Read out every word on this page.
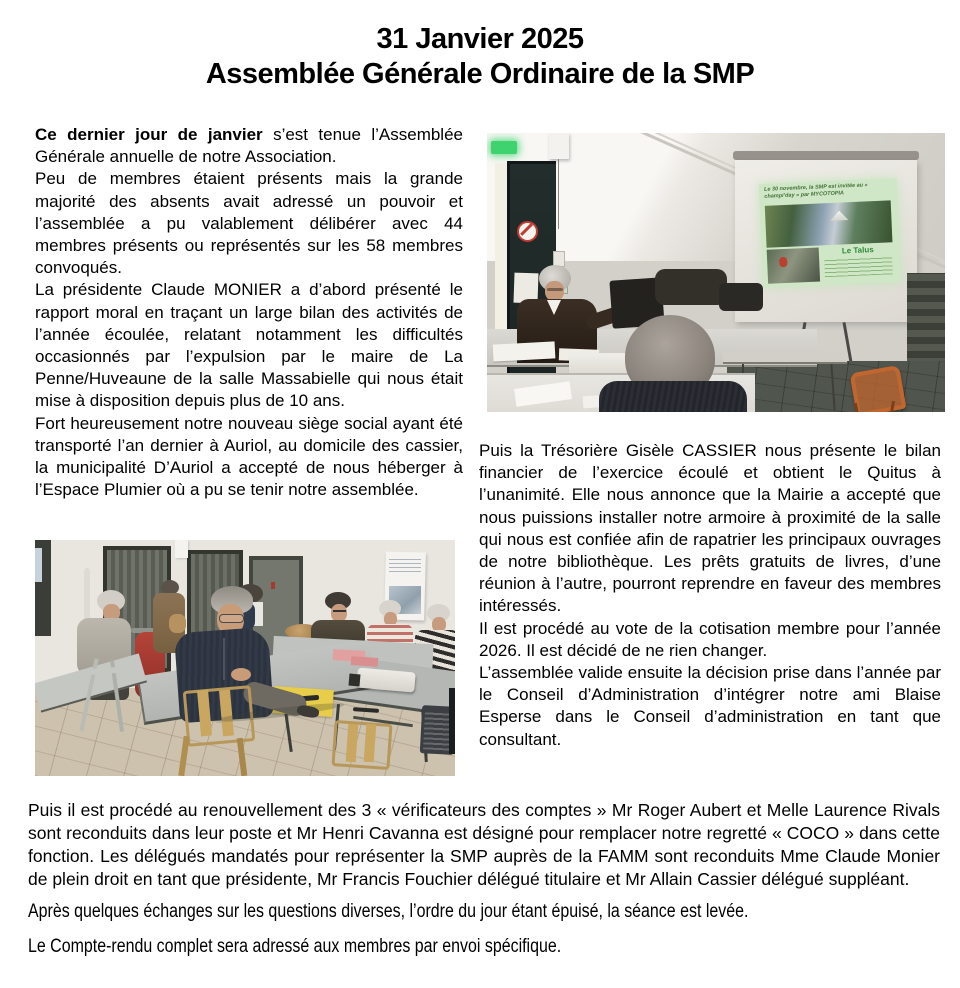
31 Janvier 2025
Assemblée Générale Ordinaire de la SMP

Ce dernier jour de janvier s’est tenue l’Assemblée Générale annuelle de notre Association.

Peu de membres étaient présents mais la grande majorité des absents avait adressé un pouvoir et l’assemblée a pu valablement délibérer avec 44 membres présents ou représentés sur les 58 membres convoqués.

La présidente Claude MONIER a d’abord présenté le rapport moral en traçant un large bilan des activités de l’année écoulée, relatant notamment les difficultés occasionnés par l’expulsion par le maire de La Penne/Huveaune de la salle Massabielle qui nous était mise à disposition depuis plus de 10 ans.

Fort heureusement notre nouveau siège social ayant été transporté l’an dernier à Auriol, au domicile des cassier, la municipalité D’Auriol a accepté de nous héberger à l’Espace Plumier où a pu se tenir notre assemblée.

Le 30 novembre, la SMP est invitée au « champi’day » par MYCOTOPIA
Le Talus

Puis la Trésorière Gisèle CASSIER nous présente le bilan financier de l’exercice écoulé et obtient le Quitus à l’unanimité. Elle nous annonce que la Mairie a accepté que nous puissions installer notre armoire à proximité de la salle qui nous est confiée afin de rapatrier les principaux ouvrages de notre bibliothèque. Les prêts gratuits de livres, d’une réunion à l’autre, pourront reprendre en faveur des membres intéressés.

Il est procédé au vote de la cotisation membre pour l’année 2026. Il est décidé de ne rien changer.

L’assemblée valide ensuite la décision prise dans l’année par le Conseil d’Administration d’intégrer notre ami Blaise Esperse dans le Conseil d’administration en tant que consultant.

Puis il est procédé au renouvellement des 3 « vérificateurs des comptes » Mr Roger Aubert et Melle Laurence Rivals sont reconduits dans leur poste et Mr Henri Cavanna est désigné pour remplacer notre regretté « COCO » dans cette fonction. Les délégués mandatés pour représenter la SMP auprès de la FAMM sont reconduits Mme Claude Monier de plein droit en tant que présidente, Mr Francis Fouchier délégué titulaire et Mr Allain Cassier délégué suppléant.
Après quelques échanges sur les questions diverses, l’ordre du jour étant épuisé, la séance est levée.
Le Compte-rendu complet sera adressé aux membres par envoi spécifique.
